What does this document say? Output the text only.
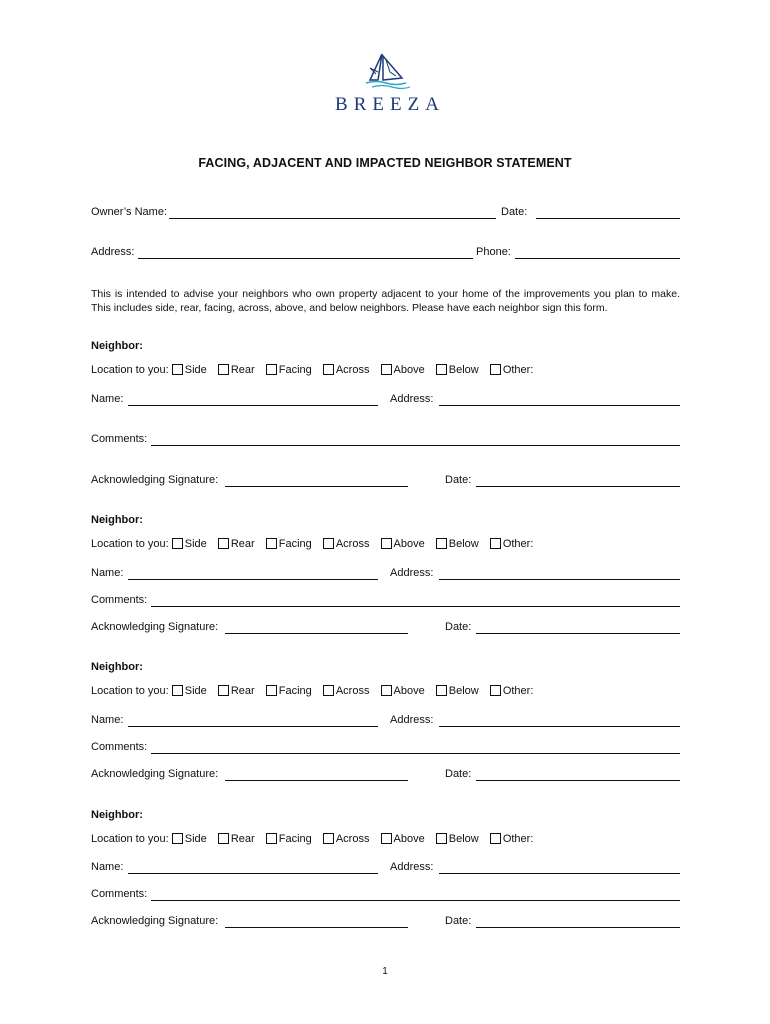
BREEZA
FACING, ADJACENT AND IMPACTED NEIGHBOR STATEMENT
Owner’s Name:	Date:
Address:	Phone:
This is intended to advise your neighbors who own property adjacent to your home of the improvements you plan to make. This includes side, rear, facing, across, above, and below neighbors. Please have each neighbor sign this form.
Neighbor:
Location to you: Side Rear Facing Across Above Below Other:
Name:	Address:
Comments:
Acknowledging Signature:	Date:
Neighbor:
Location to you: Side Rear Facing Across Above Below Other:
Name:	Address:
Comments:
Acknowledging Signature:	Date:
Neighbor:
Location to you: Side Rear Facing Across Above Below Other:
Name:	Address:
Comments:
Acknowledging Signature:	Date:
Neighbor:
Location to you: Side Rear Facing Across Above Below Other:
Name:	Address:
Comments:
Acknowledging Signature:	Date:
1
